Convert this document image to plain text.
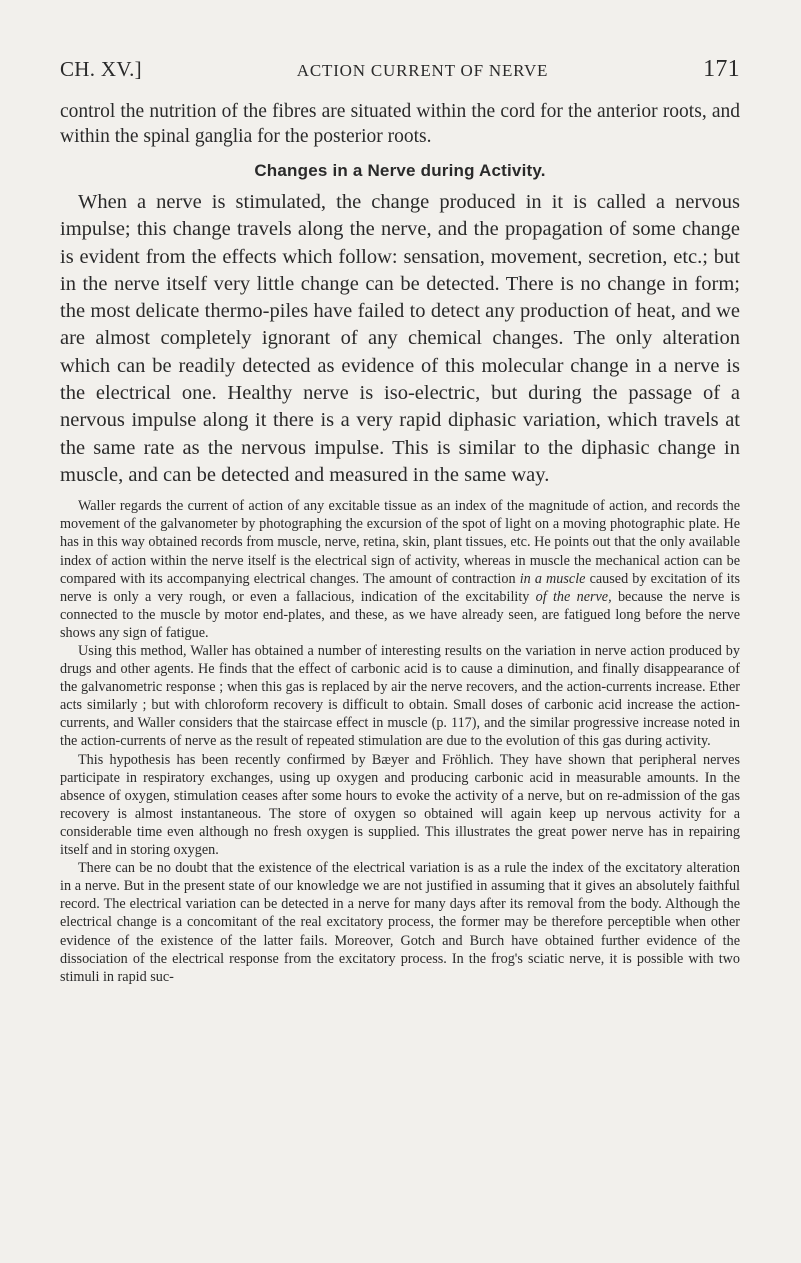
CH. XV.]	ACTION CURRENT OF NERVE	171

control the nutrition of the fibres are situated within the cord for the anterior roots, and within the spinal ganglia for the posterior roots.

Changes in a Nerve during Activity.

When a nerve is stimulated, the change produced in it is called a nervous impulse; this change travels along the nerve, and the propagation of some change is evident from the effects which follow: sensation, movement, secretion, etc.; but in the nerve itself very little change can be detected. There is no change in form; the most delicate thermo-piles have failed to detect any production of heat, and we are almost completely ignorant of any chemical changes. The only alteration which can be readily detected as evidence of this molecular change in a nerve is the electrical one. Healthy nerve is iso-electric, but during the passage of a nervous impulse along it there is a very rapid diphasic variation, which travels at the same rate as the nervous impulse. This is similar to the diphasic change in muscle, and can be detected and measured in the same way.

Waller regards the current of action of any excitable tissue as an index of the magnitude of action, and records the movement of the galvanometer by photographing the excursion of the spot of light on a moving photographic plate. He has in this way obtained records from muscle, nerve, retina, skin, plant tissues, etc. He points out that the only available index of action within the nerve itself is the electrical sign of activity, whereas in muscle the mechanical action can be compared with its accompanying electrical changes. The amount of contraction in a muscle caused by excitation of its nerve is only a very rough, or even a fallacious, indication of the excitability of the nerve, because the nerve is connected to the muscle by motor end-plates, and these, as we have already seen, are fatigued long before the nerve shows any sign of fatigue.

Using this method, Waller has obtained a number of interesting results on the variation in nerve action produced by drugs and other agents. He finds that the effect of carbonic acid is to cause a diminution, and finally disappearance of the galvanometric response ; when this gas is replaced by air the nerve recovers, and the action-currents increase. Ether acts similarly ; but with chloroform recovery is difficult to obtain. Small doses of carbonic acid increase the action-currents, and Waller considers that the staircase effect in muscle (p. 117), and the similar progressive increase noted in the action-currents of nerve as the result of repeated stimulation are due to the evolution of this gas during activity.

This hypothesis has been recently confirmed by Bæyer and Fröhlich. They have shown that peripheral nerves participate in respiratory exchanges, using up oxygen and producing carbonic acid in measurable amounts. In the absence of oxygen, stimulation ceases after some hours to evoke the activity of a nerve, but on re-admission of the gas recovery is almost instantaneous. The store of oxygen so obtained will again keep up nervous activity for a considerable time even although no fresh oxygen is supplied. This illustrates the great power nerve has in repairing itself and in storing oxygen.

There can be no doubt that the existence of the electrical variation is as a rule the index of the excitatory alteration in a nerve. But in the present state of our knowledge we are not justified in assuming that it gives an absolutely faithful record. The electrical variation can be detected in a nerve for many days after its removal from the body. Although the electrical change is a concomitant of the real excitatory process, the former may be therefore perceptible when other evidence of the existence of the latter fails. Moreover, Gotch and Burch have obtained further evidence of the dissociation of the electrical response from the excitatory process. In the frog's sciatic nerve, it is possible with two stimuli in rapid suc-
